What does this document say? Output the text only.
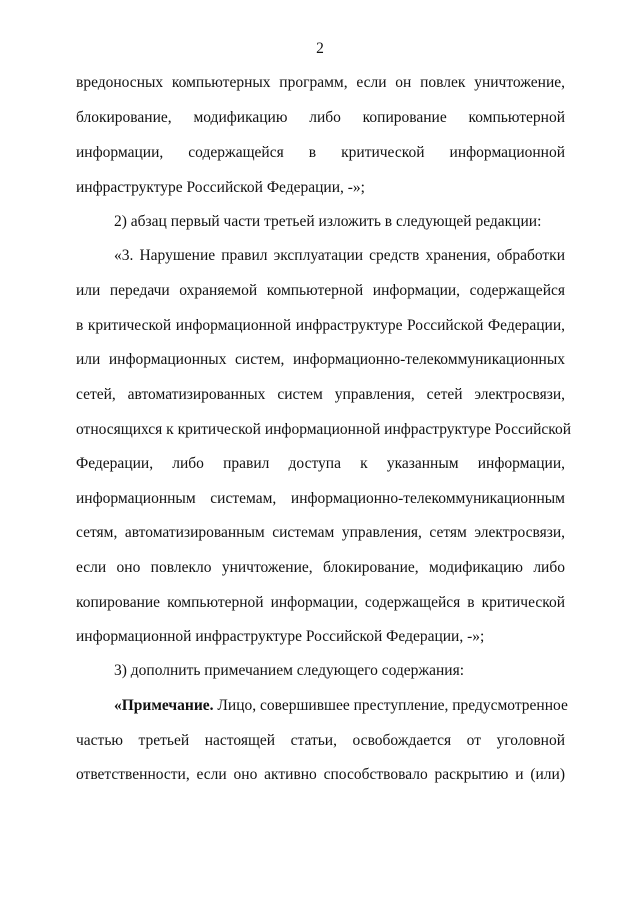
2
вредоносных компьютерных программ, если он повлек уничтожение,
блокирование, модификацию либо копирование компьютерной
информации, содержащейся в критической информационной
инфраструктуре Российской Федерации, -»;
2) абзац первый части третьей изложить в следующей редакции:
«3. Нарушение правил эксплуатации средств хранения, обработки
или передачи охраняемой компьютерной информации, содержащейся
в критической информационной инфраструктуре Российской Федерации,
или информационных систем, информационно-телекоммуникационных
сетей, автоматизированных систем управления, сетей электросвязи,
относящихся к критической информационной инфраструктуре Российской
Федерации, либо правил доступа к указанным информации,
информационным системам, информационно-телекоммуникационным
сетям, автоматизированным системам управления, сетям электросвязи,
если оно повлекло уничтожение, блокирование, модификацию либо
копирование компьютерной информации, содержащейся в критической
информационной инфраструктуре Российской Федерации, -»;
3) дополнить примечанием следующего содержания:
«Примечание. Лицо, совершившее преступление, предусмотренное
частью третьей настоящей статьи, освобождается от уголовной
ответственности, если оно активно способствовало раскрытию и (или)
